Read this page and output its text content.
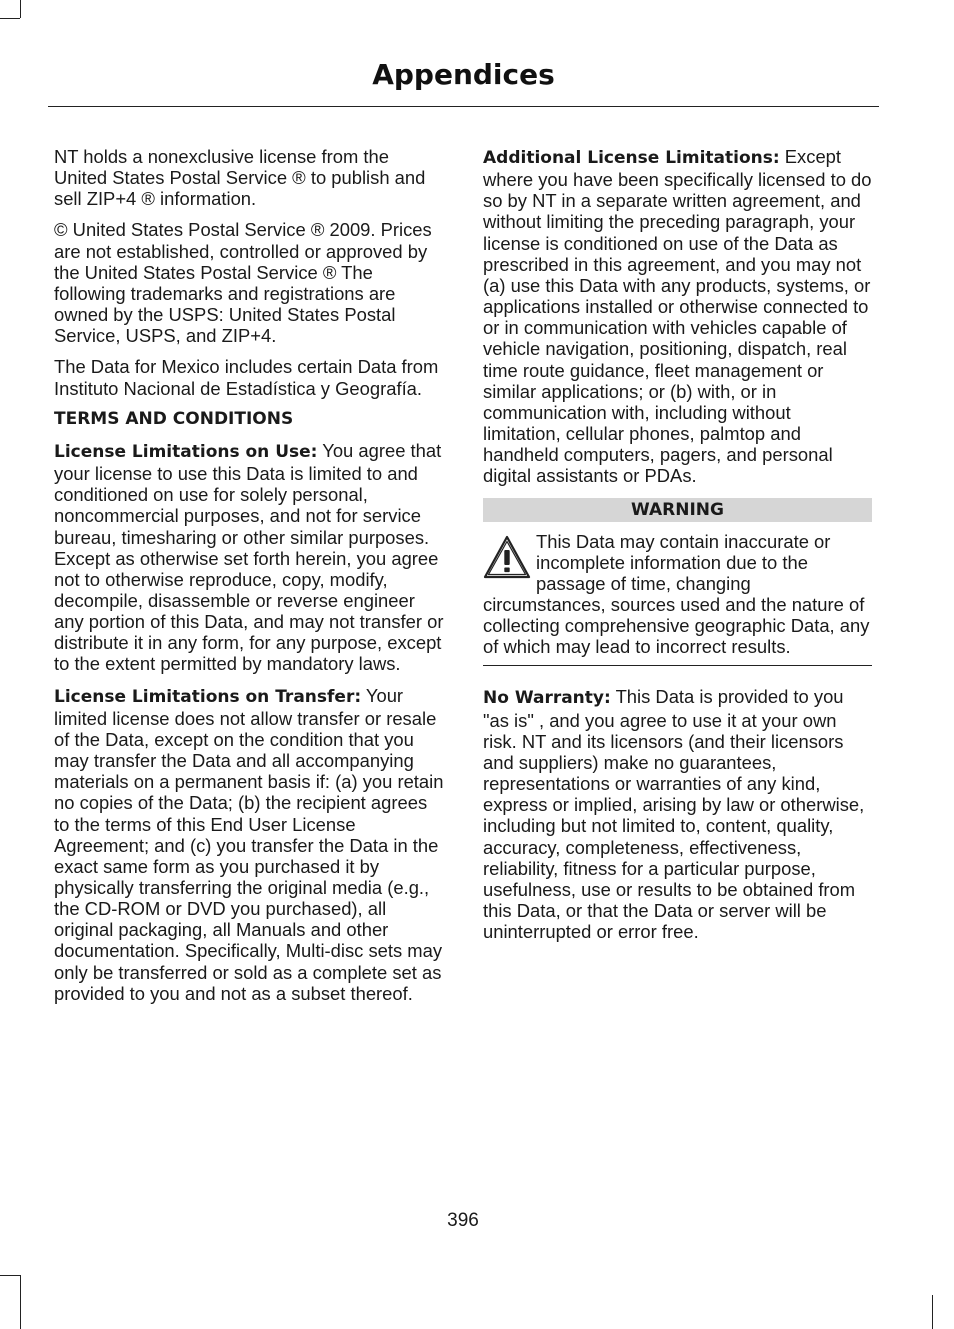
Appendices

NT holds a nonexclusive license from the United States Postal Service ® to publish and sell ZIP+4 ® information.

© United States Postal Service ® 2009. Prices are not established, controlled or approved by the United States Postal Service ® The following trademarks and registrations are owned by the USPS: United States Postal Service, USPS, and ZIP+4.

The Data for Mexico includes certain Data from Instituto Nacional de Estadística y Geografía.

TERMS AND CONDITIONS

License Limitations on Use: You agree that your license to use this Data is limited to and conditioned on use for solely personal, noncommercial purposes, and not for service bureau, timesharing or other similar purposes. Except as otherwise set forth herein, you agree not to otherwise reproduce, copy, modify, decompile, disassemble or reverse engineer any portion of this Data, and may not transfer or distribute it in any form, for any purpose, except to the extent permitted by mandatory laws.

License Limitations on Transfer: Your limited license does not allow transfer or resale of the Data, except on the condition that you may transfer the Data and all accompanying materials on a permanent basis if: (a) you retain no copies of the Data; (b) the recipient agrees to the terms of this End User License Agreement; and (c) you transfer the Data in the exact same form as you purchased it by physically transferring the original media (e.g., the CD-ROM or DVD you purchased), all original packaging, all Manuals and other documentation. Specifically, Multi-disc sets may only be transferred or sold as a complete set as provided to you and not as a subset thereof.

Additional License Limitations: Except where you have been specifically licensed to do so by NT in a separate written agreement, and without limiting the preceding paragraph, your license is conditioned on use of the Data as prescribed in this agreement, and you may not (a) use this Data with any products, systems, or applications installed or otherwise connected to or in communication with vehicles capable of vehicle navigation, positioning, dispatch, real time route guidance, fleet management or similar applications; or (b) with, or in communication with, including without limitation, cellular phones, palmtop and handheld computers, pagers, and personal digital assistants or PDAs.

WARNING
This Data may contain inaccurate or incomplete information due to the passage of time, changing circumstances, sources used and the nature of collecting comprehensive geographic Data, any of which may lead to incorrect results.

No Warranty: This Data is provided to you "as is" , and you agree to use it at your own risk. NT and its licensors (and their licensors and suppliers) make no guarantees, representations or warranties of any kind, express or implied, arising by law or otherwise, including but not limited to, content, quality, accuracy, completeness, effectiveness, reliability, fitness for a particular purpose, usefulness, use or results to be obtained from this Data, or that the Data or server will be uninterrupted or error free.

396
